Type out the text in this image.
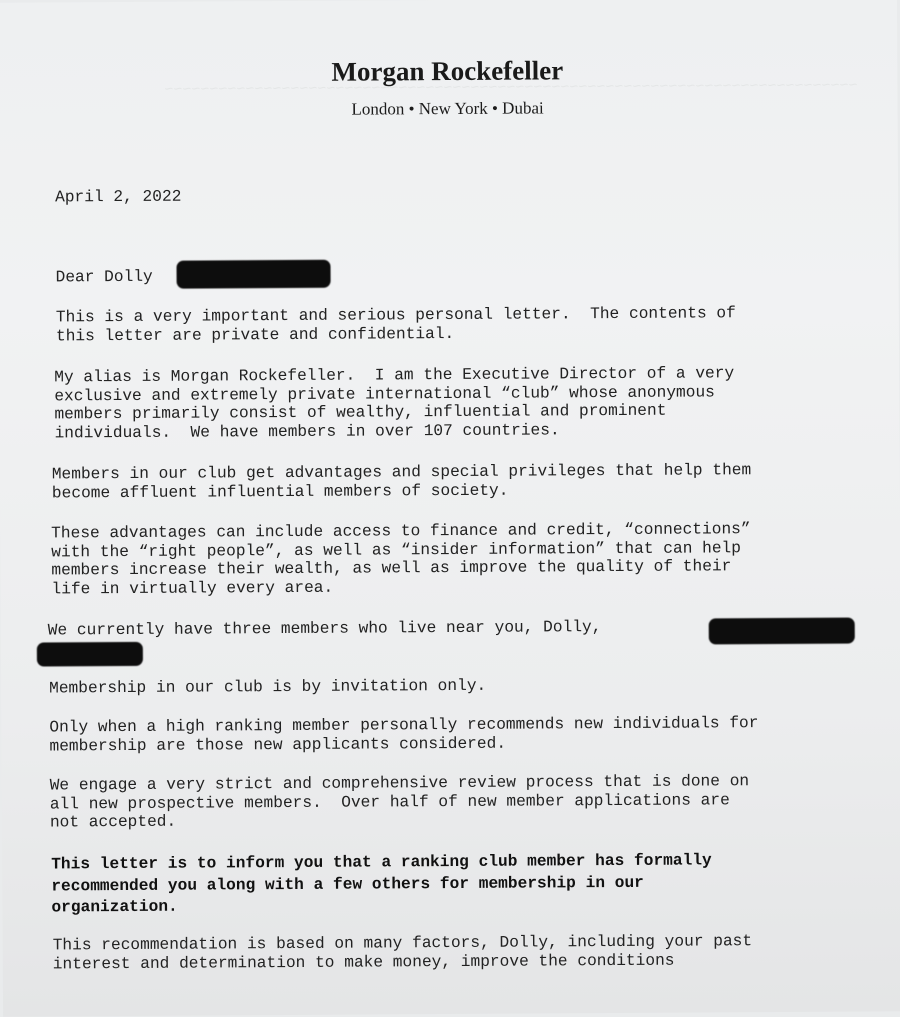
~~~~~~~~~~~~~~~~~~~~~~~~~~~~~~~~~~~~~~~~~~~~~~~~~~~~~~~~~~~~~~~~~~~~~~~~~~~~~

Morgan Rockefeller
London • New York • Dubai
April 2, 2022
Dear Dolly
This is a very important and serious personal letter.  The contents of
this letter are private and confidential.
My alias is Morgan Rockefeller.  I am the Executive Director of a very
exclusive and extremely private international “club” whose anonymous
members primarily consist of wealthy, influential and prominent
individuals.  We have members in over 107 countries.
Members in our club get advantages and special privileges that help them
become affluent influential members of society.
These advantages can include access to finance and credit, “connections”
with the “right people”, as well as “insider information” that can help
members increase their wealth, as well as improve the quality of their
life in virtually every area.
We currently have three members who live near you, Dolly,
Membership in our club is by invitation only.
Only when a high ranking member personally recommends new individuals for
membership are those new applicants considered.
We engage a very strict and comprehensive review process that is done on
all new prospective members.  Over half of new member applications are
not accepted.
This letter is to inform you that a ranking club member has formally
recommended you along with a few others for membership in our
organization.
This recommendation is based on many factors, Dolly, including your past
interest and determination to make money, improve the conditions
